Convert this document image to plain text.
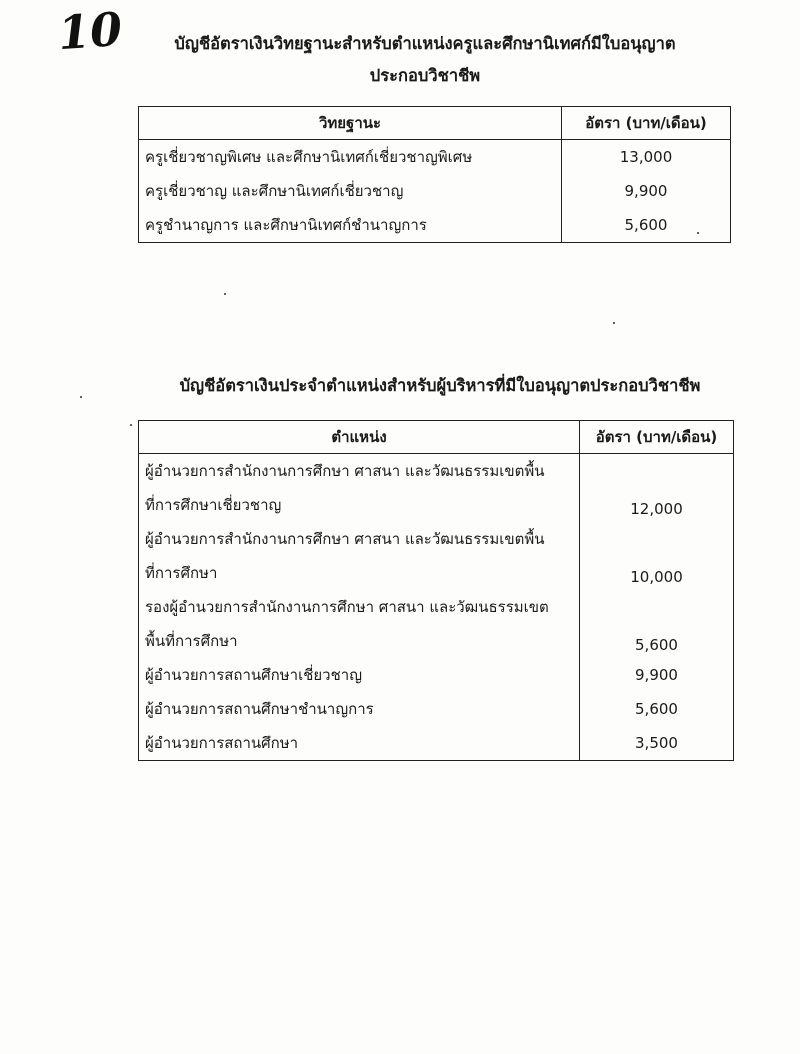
10	บัญชีอัตราเงินวิทยฐานะสำหรับตำแหน่งครูและศึกษานิเทศก์มีใบอนุญาต
ประกอบวิชาชีพ
วิทยฐานะ	อัตรา (บาท/เดือน)
ครูเชี่ยวชาญพิเศษ และศึกษานิเทศก์เชี่ยวชาญพิเศษ	13,000
ครูเชี่ยวชาญ และศึกษานิเทศก์เชี่ยวชาญ	9,900
ครูชำนาญการ และศึกษานิเทศก์ชำนาญการ	5,600
บัญชีอัตราเงินประจำตำแหน่งสำหรับผู้บริหารที่มีใบอนุญาตประกอบวิชาชีพ
ตำแหน่ง	อัตรา (บาท/เดือน)

ผู้อำนวยการสำนักงานการศึกษา ศาสนา และวัฒนธรรมเขตพื้น
ที่การศึกษาเชี่ยวชาญ	12,000

ผู้อำนวยการสำนักงานการศึกษา ศาสนา และวัฒนธรรมเขตพื้น
ที่การศึกษา	10,000

รองผู้อำนวยการสำนักงานการศึกษา ศาสนา และวัฒนธรรมเขต
พื้นที่การศึกษา	5,600
ผู้อำนวยการสถานศึกษาเชี่ยวชาญ	9,900
ผู้อำนวยการสถานศึกษาชำนาญการ	5,600
ผู้อำนวยการสถานศึกษา	3,500
